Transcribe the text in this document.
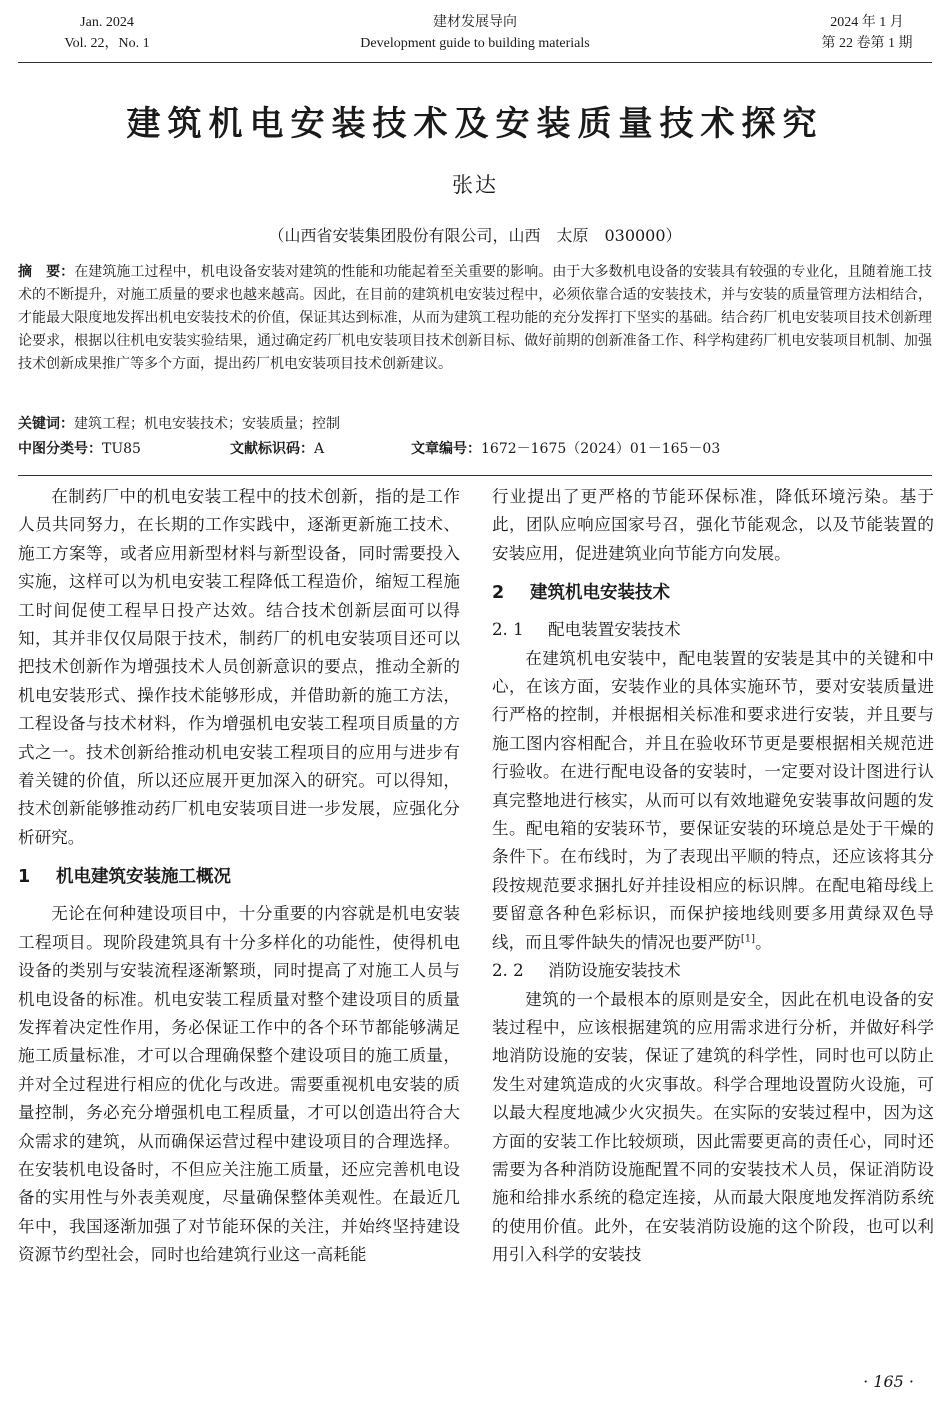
Jan. 2024
Vol. 22，No. 1
建材发展导向
Development guide to building materials
2024 年 1 月
第 22 卷第 1 期
建筑机电安装技术及安装质量技术探究
张达
（山西省安装集团股份有限公司，山西　太原　030000）
摘　要：在建筑施工过程中，机电设备安装对建筑的性能和功能起着至关重要的影响。由于大多数机电设备的安装具有较强的专业化，且随着施工技术的不断提升，对施工质量的要求也越来越高。因此，在目前的建筑机电安装过程中，必须依靠合适的安装技术，并与安装的质量管理方法相结合，才能最大限度地发挥出机电安装技术的价值，保证其达到标准，从而为建筑工程功能的充分发挥打下坚实的基础。结合药厂机电安装项目技术创新理论要求，根据以往机电安装实验结果，通过确定药厂机电安装项目技术创新目标、做好前期的创新准备工作、科学构建药厂机电安装项目机制、加强技术创新成果推广等多个方面，提出药厂机电安装项目技术创新建议。
关键词：建筑工程；机电安装技术；安装质量；控制
中图分类号：TU85	文献标识码：A	文章编号：1672－1675（2024）01－165－03

在制药厂中的机电安装工程中的技术创新，指的是工作人员共同努力，在长期的工作实践中，逐渐更新施工技术、施工方案等，或者应用新型材料与新型设备，同时需要投入实施，这样可以为机电安装工程降低工程造价，缩短工程施工时间促使工程早日投产达效。结合技术创新层面可以得知，其并非仅仅局限于技术，制药厂的机电安装项目还可以把技术创新作为增强技术人员创新意识的要点，推动全新的机电安装形式、操作技术能够形成，并借助新的施工方法，工程设备与技术材料，作为增强机电安装工程项目质量的方式之一。技术创新给推动机电安装工程项目的应用与进步有着关键的价值，所以还应展开更加深入的研究。可以得知，技术创新能够推动药厂机电安装项目进一步发展，应强化分析研究。

1 机电建筑安装施工概况

无论在何种建设项目中，十分重要的内容就是机电安装工程项目。现阶段建筑具有十分多样化的功能性，使得机电设备的类别与安装流程逐渐繁琐，同时提高了对施工人员与机电设备的标准。机电安装工程质量对整个建设项目的质量发挥着决定性作用，务必保证工作中的各个环节都能够满足施工质量标准，才可以合理确保整个建设项目的施工质量，并对全过程进行相应的优化与改进。需要重视机电安装的质量控制，务必充分增强机电工程质量，才可以创造出符合大众需求的建筑，从而确保运营过程中建设项目的合理选择。在安装机电设备时，不但应关注施工质量，还应完善机电设备的实用性与外表美观度，尽量确保整体美观性。在最近几年中，我国逐渐加强了对节能环保的关注，并始终坚持建设资源节约型社会，同时也给建筑行业这一高耗能

行业提出了更严格的节能环保标准，降低环境污染。基于此，团队应响应国家号召，强化节能观念，以及节能装置的安装应用，促进建筑业向节能方向发展。

2 建筑机电安装技术
2. 1 配电装置安装技术

在建筑机电安装中，配电装置的安装是其中的关键和中心，在该方面，安装作业的具体实施环节，要对安装质量进行严格的控制，并根据相关标准和要求进行安装，并且要与施工图内容相配合，并且在验收环节更是要根据相关规范进行验收。在进行配电设备的安装时，一定要对设计图进行认真完整地进行核实，从而可以有效地避免安装事故问题的发生。配电箱的安装环节，要保证安装的环境总是处于干燥的条件下。在布线时，为了表现出平顺的特点，还应该将其分段按规范要求捆扎好并挂设相应的标识牌。在配电箱母线上要留意各种色彩标识，而保护接地线则要多用黄绿双色导线，而且零件缺失的情况也要严防[1]。

2. 2 消防设施安装技术

建筑的一个最根本的原则是安全，因此在机电设备的安装过程中，应该根据建筑的应用需求进行分析，并做好科学地消防设施的安装，保证了建筑的科学性，同时也可以防止发生对建筑造成的火灾事故。科学合理地设置防火设施，可以最大程度地减少火灾损失。在实际的安装过程中，因为这方面的安装工作比较烦琐，因此需要更高的责任心，同时还需要为各种消防设施配置不同的安装技术人员，保证消防设施和给排水系统的稳定连接，从而最大限度地发挥消防系统的使用价值。此外，在安装消防设施的这个阶段，也可以利用引入科学的安装技

· 165 ·
